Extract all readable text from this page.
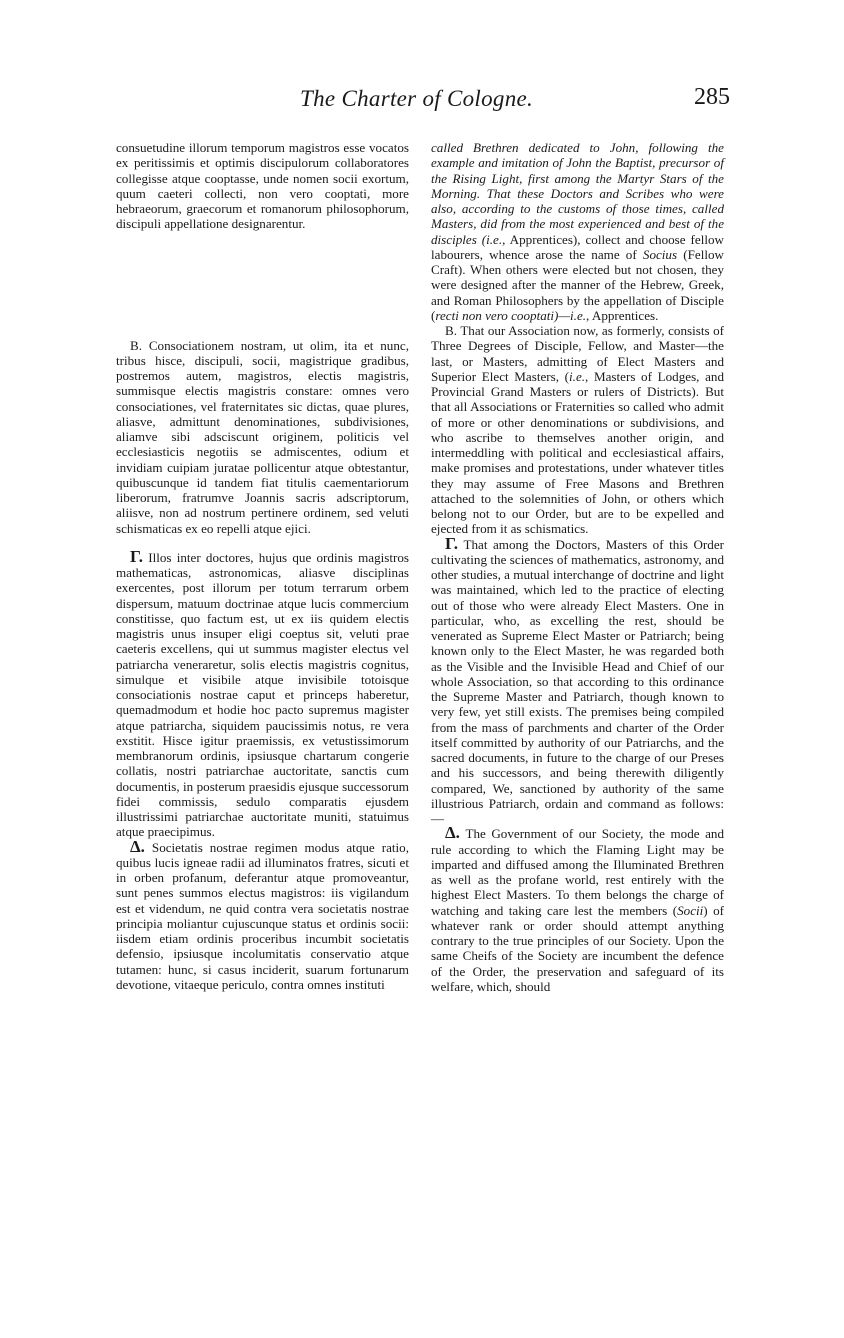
The Charter of Cologne.	285

consuetudine illorum temporum magistros esse vocatos ex peritissimis et optimis discipulorum collaboratores collegisse atque cooptasse, unde nomen socii exortum, quum caeteri collecti, non vero cooptati, more hebraeorum, graecorum et romanorum philosophorum, discipuli appellatione designarentur.

B. Consociationem nostram, ut olim, ita et nunc, tribus hisce, discipuli, socii, magistrique gradibus, postremos autem, magistros, electis magistris, summisque electis magistris constare: omnes vero consociationes, vel fraternitates sic dictas, quae plures, aliasve, admittunt denominationes, subdivisiones, aliamve sibi adsciscunt originem, politicis vel ecclesiasticis negotiis se admiscentes, odium et invidiam cuipiam juratae pollicentur atque obtestantur, quibuscunque id tandem fiat titulis caementariorum liberorum, fratrumve Joannis sacris adscriptorum, aliisve, non ad nostrum pertinere ordinem, sed veluti schismaticas ex eo repelli atque ejici.

Γ. Illos inter doctores, hujus que ordinis magistros mathematicas, astronomicas, aliasve disciplinas exercentes, post illorum per totum terrarum orbem dispersum, matuum doctrinae atque lucis commercium constitisse, quo factum est, ut ex iis quidem electis magistris unus insuper eligi coeptus sit, veluti prae caeteris excellens, qui ut summus magister electus vel patriarcha veneraretur, solis electis magistris cognitus, simulque et visibile atque invisibile totoisque consociationis nostrae caput et princeps haberetur, quemadmodum et hodie hoc pacto supremus magister atque patriarcha, siquidem paucissimis notus, re vera exstitit. Hisce igitur praemissis, ex vetustissimorum membranorum ordinis, ipsiusque chartarum congerie collatis, nostri patriarchae auctoritate, sanctis cum documentis, in posterum praesidis ejusque successorum fidei commissis, sedulo comparatis ejusdem illustrissimi patriarchae auctoritate muniti, statuimus atque praecipimus.

Δ. Societatis nostrae regimen modus atque ratio, quibus lucis igneae radii ad illuminatos fratres, sicuti et in orben profanum, deferantur atque promoveantur, sunt penes summos electus magistros: iis vigilandum est et videndum, ne quid contra vera societatis nostrae principia moliantur cujuscunque status et ordinis socii: iisdem etiam ordinis proceribus incumbit societatis defensio, ipsiusque incolumitatis conservatio atque tutamen: hunc, si casus inciderit, suarum fortunarum devotione, vitaeque periculo, contra omnes instituti

called Brethren dedicated to John, following the example and imitation of John the Baptist, precursor of the Rising Light, first among the Martyr Stars of the Morning. That these Doctors and Scribes who were also, according to the customs of those times, called Masters, did from the most experienced and best of the disciples (i.e., Apprentices), collect and choose fellow labourers, whence arose the name of Socius (Fellow Craft). When others were elected but not chosen, they were designed after the manner of the Hebrew, Greek, and Roman Philosophers by the appellation of Disciple (recti non vero cooptati)—i.e., Apprentices.

B. That our Association now, as formerly, consists of Three Degrees of Disciple, Fellow, and Master—the last, or Masters, admitting of Elect Masters and Superior Elect Masters, (i.e., Masters of Lodges, and Provincial Grand Masters or rulers of Districts). But that all Associations or Fraternities so called who admit of more or other denominations or subdivisions, and who ascribe to themselves another origin, and intermeddling with political and ecclesiastical affairs, make promises and protestations, under whatever titles they may assume of Free Masons and Brethren attached to the solemnities of John, or others which belong not to our Order, but are to be expelled and ejected from it as schismatics.

Γ. That among the Doctors, Masters of this Order cultivating the sciences of mathematics, astronomy, and other studies, a mutual interchange of doctrine and light was maintained, which led to the practice of electing out of those who were already Elect Masters. One in particular, who, as excelling the rest, should be venerated as Supreme Elect Master or Patriarch; being known only to the Elect Master, he was regarded both as the Visible and the Invisible Head and Chief of our whole Association, so that according to this ordinance the Supreme Master and Patriarch, though known to very few, yet still exists. The premises being compiled from the mass of parchments and charter of the Order itself committed by authority of our Patriarchs, and the sacred documents, in future to the charge of our Preses and his successors, and being therewith diligently compared, We, sanctioned by authority of the same illustrious Patriarch, ordain and command as follows:—

Δ. The Government of our Society, the mode and rule according to which the Flaming Light may be imparted and diffused among the Illuminated Brethren as well as the profane world, rest entirely with the highest Elect Masters. To them belongs the charge of watching and taking care lest the members (Socii) of whatever rank or order should attempt anything contrary to the true principles of our Society. Upon the same Cheifs of the Society are incumbent the defence of the Order, the preservation and safeguard of its welfare, which, should
